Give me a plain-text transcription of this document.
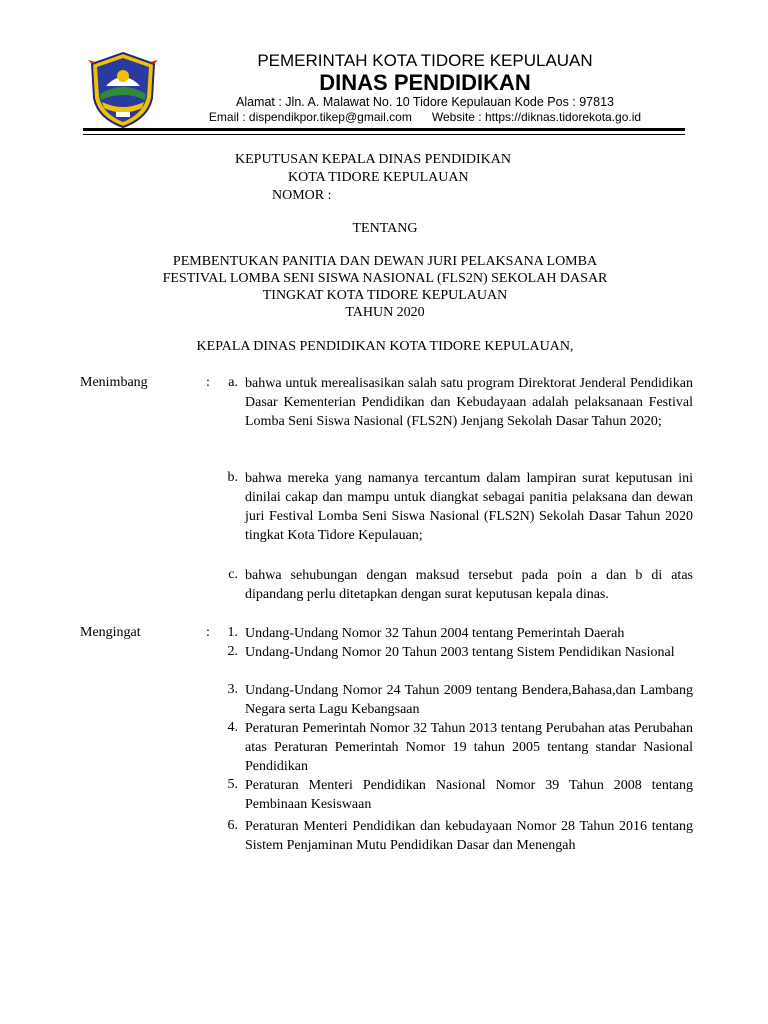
PEMERINTAH KOTA TIDORE KEPULAUAN
DINAS PENDIDIKAN
Alamat : Jln. A. Malawat No. 10 Tidore Kepulauan Kode Pos : 97813
Email : dispendikpor.tikep@gmail.com Website : https://diknas.tidorekota.go.id
KEPUTUSAN KEPALA DINAS PENDIDIKAN
KOTA TIDORE KEPULAUAN
NOMOR :
TENTANG
PEMBENTUKAN PANITIA DAN DEWAN JURI PELAKSANA LOMBA
FESTIVAL LOMBA SENI SISWA NASIONAL (FLS2N) SEKOLAH DASAR
TINGKAT KOTA TIDORE KEPULAUAN
TAHUN 2020
KEPALA DINAS PENDIDIKAN KOTA TIDORE KEPULAUAN,
Menimbang	:	a. bahwa untuk merealisasikan salah satu program Direktorat Jenderal Pendidikan Dasar Kementerian Pendidikan dan Kebudayaan adalah pelaksanaan Festival Lomba Seni Siswa Nasional (FLS2N) Jenjang Sekolah Dasar Tahun 2020;
b. bahwa mereka yang namanya tercantum dalam lampiran surat keputusan ini dinilai cakap dan mampu untuk diangkat sebagai panitia pelaksana dan dewan juri Festival Lomba Seni Siswa Nasional (FLS2N) Sekolah Dasar Tahun 2020 tingkat Kota Tidore Kepulauan;
c. bahwa sehubungan dengan maksud tersebut pada poin a dan b di atas dipandang perlu ditetapkan dengan surat keputusan kepala dinas.
Mengingat	:	1. Undang-Undang Nomor 32 Tahun 2004 tentang Pemerintah Daerah
2. Undang-Undang Nomor 20 Tahun 2003 tentang Sistem Pendidikan Nasional
3. Undang-Undang Nomor 24 Tahun 2009 tentang Bendera,Bahasa,dan Lambang Negara serta Lagu Kebangsaan
4. Peraturan Pemerintah Nomor 32 Tahun 2013 tentang Perubahan atas Perubahan atas Peraturan Pemerintah Nomor 19 tahun 2005 tentang standar Nasional Pendidikan
5. Peraturan Menteri Pendidikan Nasional Nomor 39 Tahun 2008 tentang Pembinaan Kesiswaan
6. Peraturan Menteri Pendidikan dan kebudayaan Nomor 28 Tahun 2016 tentang Sistem Penjaminan Mutu Pendidikan Dasar dan Menengah
